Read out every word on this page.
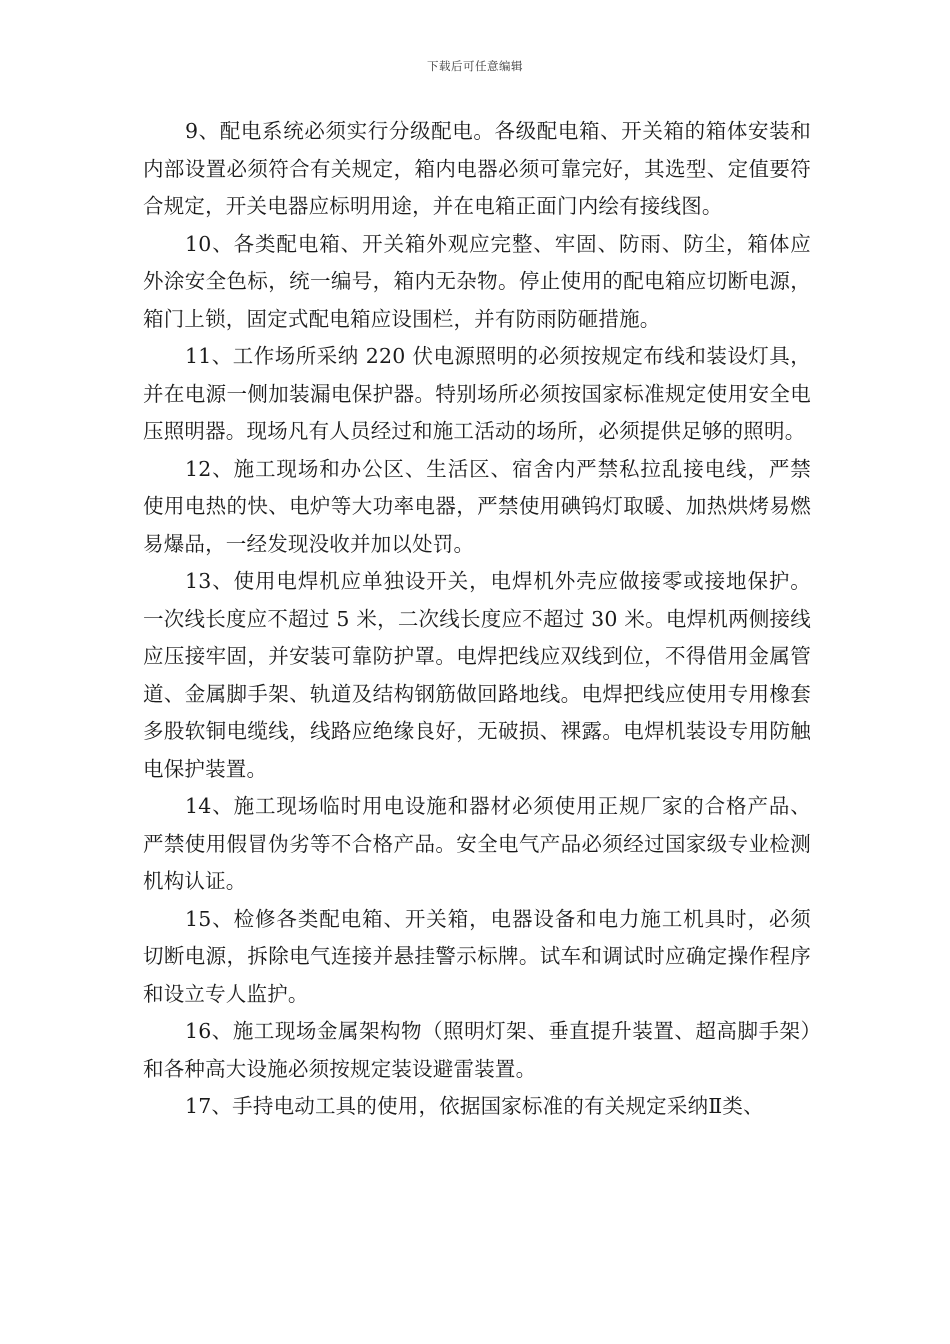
下载后可任意编辑

9、配电系统必须实行分级配电。各级配电箱、开关箱的箱体安装和内部设置必须符合有关规定，箱内电器必须可靠完好，其选型、定值要符合规定，开关电器应标明用途，并在电箱正面门内绘有接线图。

10、各类配电箱、开关箱外观应完整、牢固、防雨、防尘，箱体应外涂安全色标，统一编号，箱内无杂物。停止使用的配电箱应切断电源，箱门上锁，固定式配电箱应设围栏，并有防雨防砸措施。

11、工作场所采纳 220 伏电源照明的必须按规定布线和装设灯具，并在电源一侧加装漏电保护器。特别场所必须按国家标准规定使用安全电压照明器。现场凡有人员经过和施工活动的场所，必须提供足够的照明。

12、施工现场和办公区、生活区、宿舍内严禁私拉乱接电线，严禁使用电热的快、电炉等大功率电器，严禁使用碘钨灯取暖、加热烘烤易燃易爆品，一经发现没收并加以处罚。

13、使用电焊机应单独设开关，电焊机外壳应做接零或接地保护。一次线长度应不超过 5 米，二次线长度应不超过 30 米。电焊机两侧接线应压接牢固，并安装可靠防护罩。电焊把线应双线到位，不得借用金属管道、金属脚手架、轨道及结构钢筋做回路地线。电焊把线应使用专用橡套多股软铜电缆线，线路应绝缘良好，无破损、裸露。电焊机装设专用防触电保护装置。

14、施工现场临时用电设施和器材必须使用正规厂家的合格产品、严禁使用假冒伪劣等不合格产品。安全电气产品必须经过国家级专业检测机构认证。

15、检修各类配电箱、开关箱，电器设备和电力施工机具时，必须切断电源，拆除电气连接并悬挂警示标牌。试车和调试时应确定操作程序和设立专人监护。

16、施工现场金属架构物（照明灯架、垂直提升装置、超高脚手架）和各种高大设施必须按规定装设避雷装置。

17、手持电动工具的使用，依据国家标准的有关规定采纳Ⅱ类、
